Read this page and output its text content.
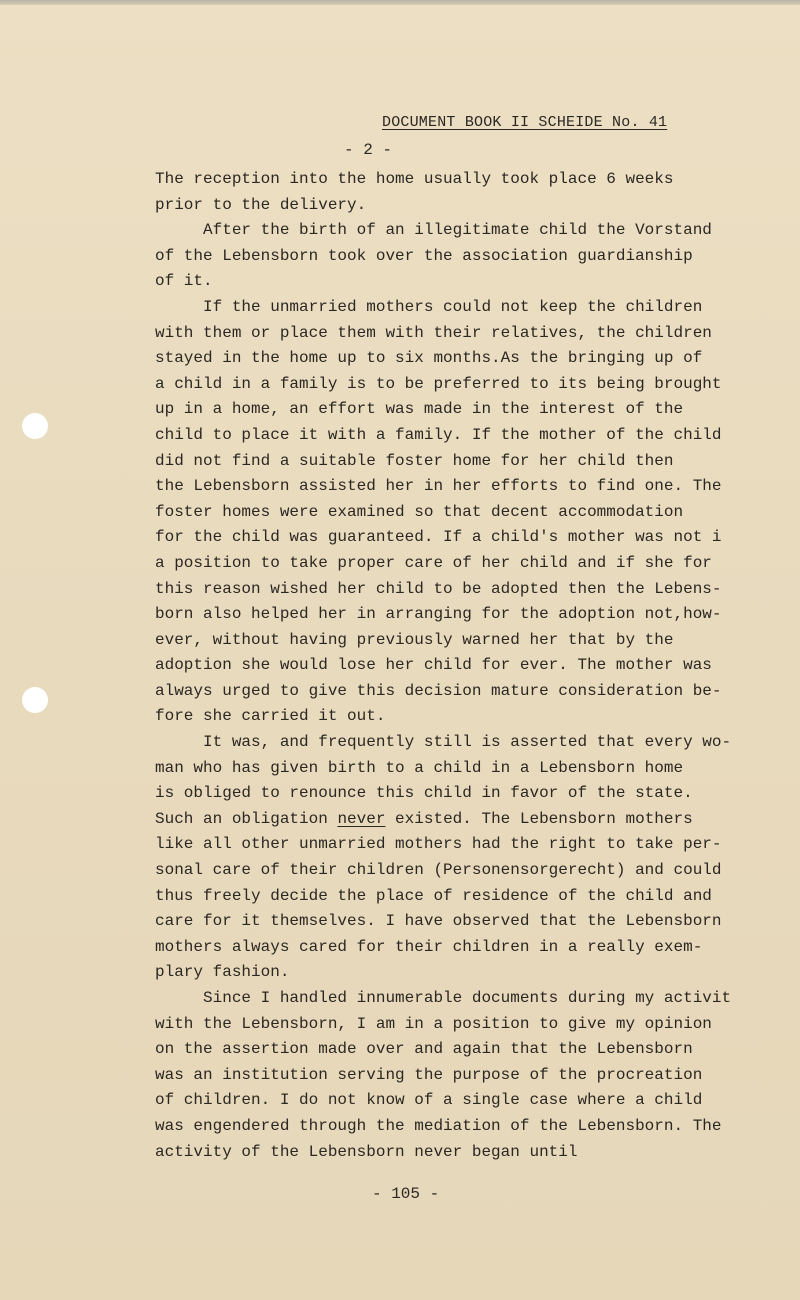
DOCUMENT BOOK II SCHEIDE No. 41
- 2 -
The reception into the home usually took place 6 weeks
prior to the delivery.
After the birth of an illegitimate child the Vorstand
of the Lebensborn took over the association guardianship
of it.
If the unmarried mothers could not keep the children
with them or place them with their relatives, the children
stayed in the home up to six months.As the bringing up of
a child in a family is to be preferred to its being brought
up in a home, an effort was made in the interest of the
child to place it with a family. If the mother of the child
did not find a suitable foster home for her child then
the Lebensborn assisted her in her efforts to find one. The
foster homes were examined so that decent accommodation
for the child was guaranteed. If a child's mother was not i
a position to take proper care of her child and if she for
this reason wished her child to be adopted then the Lebens-
born also helped her in arranging for the adoption not,how-
ever, without having previously warned her that by the
adoption she would lose her child for ever. The mother was
always urged to give this decision mature consideration be-
fore she carried it out.
It was, and frequently still is asserted that every wo-
man who has given birth to a child in a Lebensborn home
is obliged to renounce this child in favor of the state.
Such an obligation never existed. The Lebensborn mothers
like all other unmarried mothers had the right to take per-
sonal care of their children (Personensorgerecht) and could
thus freely decide the place of residence of the child and
care for it themselves. I have observed that the Lebensborn
mothers always cared for their children in a really exem-
plary fashion.
Since I handled innumerable documents during my activit
with the Lebensborn, I am in a position to give my opinion
on the assertion made over and again that the Lebensborn
was an institution serving the purpose of the procreation
of children. I do not know of a single case where a child
was engendered through the mediation of the Lebensborn. The
activity of the Lebensborn never began until
- 105 -
